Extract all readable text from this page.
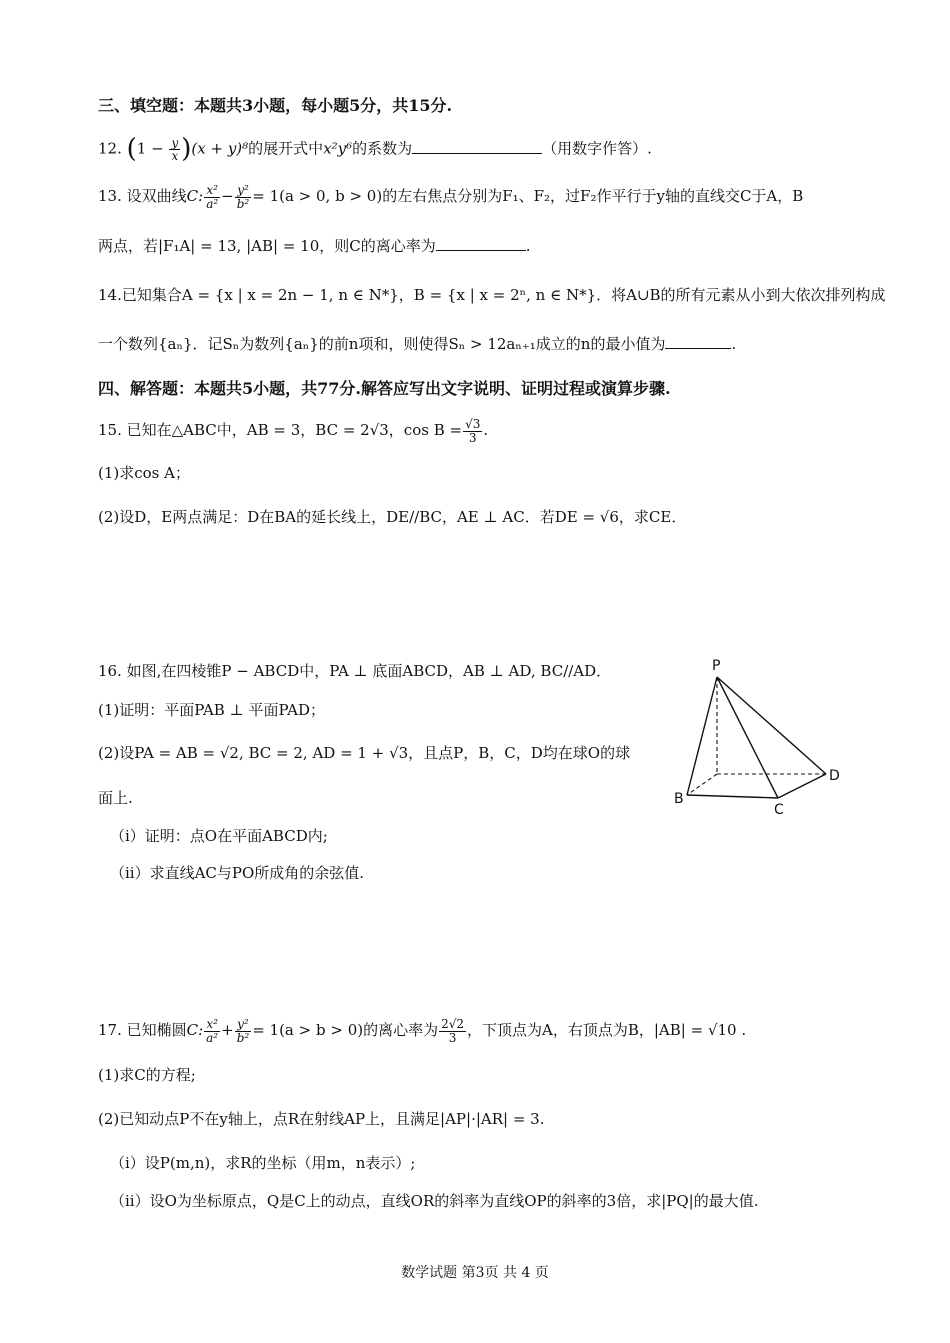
三、填空题：本题共3小题，每小题5分，共15分.
12. $(1 - \frac{y}{x} )(x + y)^8$的展开式中x²y⁶的系数为	（用数字作答）.
13. 设双曲线C: $\frac{\text{x²}}{\text{a²}} - \frac{\text{y²}}{\text{b²}} = 1(a > 0$, b > 0)的左右焦点分别为F₁、F₂，过F₂作平行于y轴的直线交C于A，B
两点，若|F₁A| = 13, |AB| = 10，则C的离心率为	.
14.已知集合A = {x | x = 2n − 1, n ∈ N*}，B = {x | x = 2ⁿ, n ∈ N*}．将A∪B的所有元素从小到大依次排列构成
一个数列{aₙ}．记Sₙ为数列{aₙ}的前n项和，则使得Sₙ > 12aₙ₊₁成立的n的最小值为	.
四、解答题：本题共5小题，共77分.解答应写出文字说明、证明过程或演算步骤.
15. 已知在△ABC中，AB = 3，BC = 2√3，$\cos B = \frac{√3}{3}$ .
(1)求cos A；
(2)设D，E两点满足：D在BA的延长线上，DE//BC，AE ⊥ AC．若DE = √6，求CE．
16. 如图,在四棱锥P − ABCD中，PA ⊥ 底面ABCD，AB ⊥ AD, BC//AD．
(1)证明：平面PAB ⊥ 平面PAD；
(2)设PA = AB = √2, BC = 2, AD = 1 + √3，且点P，B，C，D均在球O的球
面上.
（i）证明：点O在平面ABCD内;
（ii）求直线AC与PO所成角的余弦值.
P
B
C
D
17. 已知椭圆C: $\frac{\text{x²}}{\text{a²}} + \frac{\text{y²}}{\text{b²}} = 1(a > b > 0)$的离心率为 $\frac{2√2}{3}$ ，下顶点为A，右顶点为B，|AB| = √10 .
(1)求C的方程;
(2)已知动点P不在y轴上，点R在射线AP上，且满足|AP|·|AR| = 3.
（i）设P(m,n)，求R的坐标（用m，n表示）;
（ii）设O为坐标原点，Q是C上的动点，直线OR的斜率为直线OP的斜率的3倍，求|PQ|的最大值.
数学试题 第3页 共 4 页
